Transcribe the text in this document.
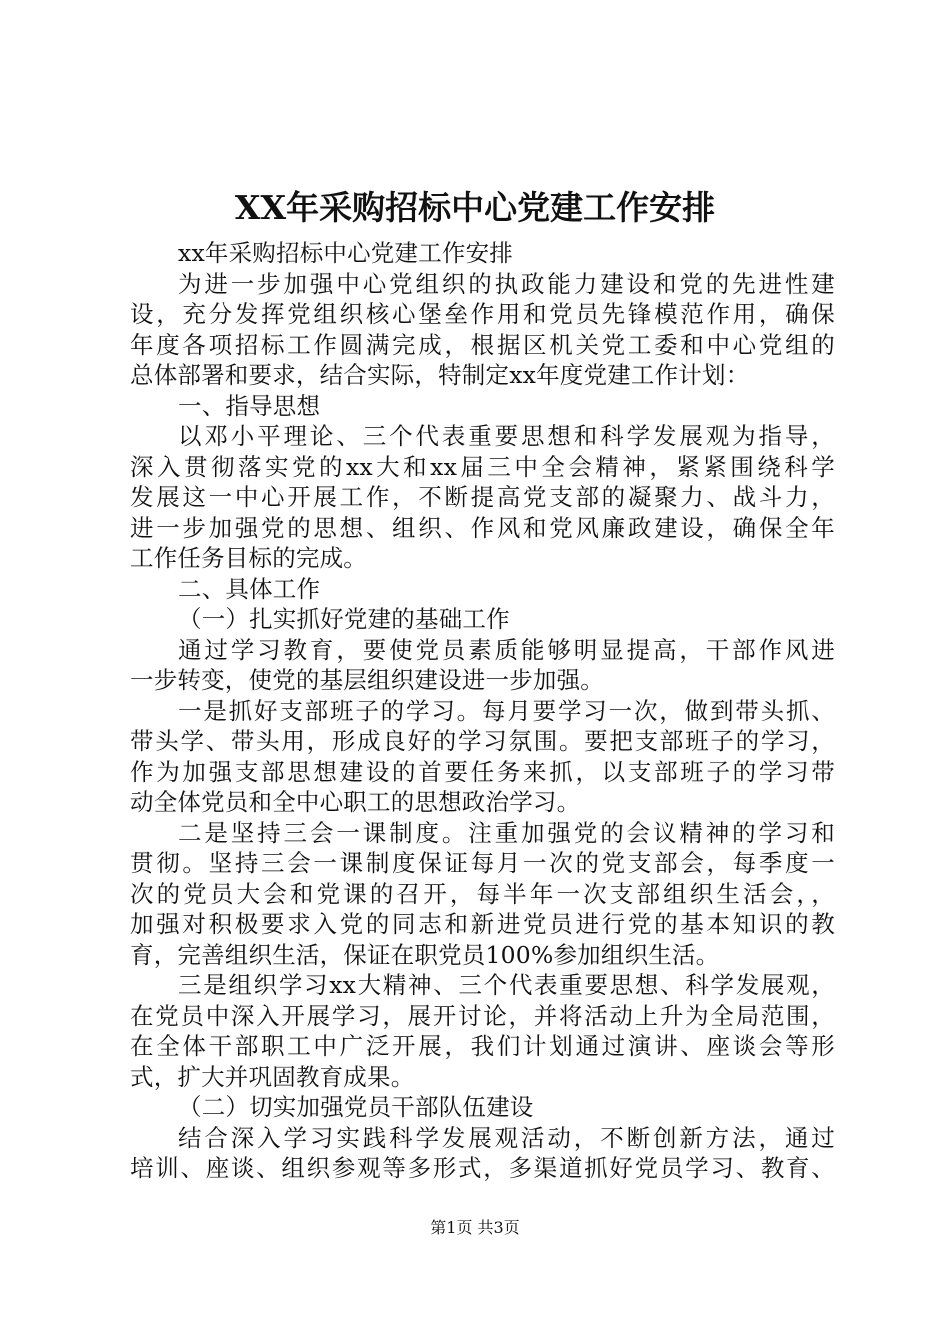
XX年采购招标中心党建工作安排
xx年采购招标中心党建工作安排
为进一步加强中心党组织的执政能力建设和党的先进性建
设，充分发挥党组织核心堡垒作用和党员先锋模范作用，确保
年度各项招标工作圆满完成，根据区机关党工委和中心党组的
总体部署和要求，结合实际，特制定xx年度党建工作计划：
一、指导思想
以邓小平理论、三个代表重要思想和科学发展观为指导，
深入贯彻落实党的xx大和xx届三中全会精神，紧紧围绕科学
发展这一中心开展工作，不断提高党支部的凝聚力、战斗力，
进一步加强党的思想、组织、作风和党风廉政建设，确保全年
工作任务目标的完成。
二、具体工作
（一）扎实抓好党建的基础工作
通过学习教育，要使党员素质能够明显提高，干部作风进
一步转变，使党的基层组织建设进一步加强。
一是抓好支部班子的学习。每月要学习一次，做到带头抓、
带头学、带头用，形成良好的学习氛围。要把支部班子的学习，
作为加强支部思想建设的首要任务来抓，以支部班子的学习带
动全体党员和全中心职工的思想政治学习。
二是坚持三会一课制度。注重加强党的会议精神的学习和
贯彻。坚持三会一课制度保证每月一次的党支部会，每季度一
次的党员大会和党课的召开，每半年一次支部组织生活会，，
加强对积极要求入党的同志和新进党员进行党的基本知识的教
育，完善组织生活，保证在职党员100%参加组织生活。
三是组织学习xx大精神、三个代表重要思想、科学发展观，
在党员中深入开展学习，展开讨论，并将活动上升为全局范围，
在全体干部职工中广泛开展，我们计划通过演讲、座谈会等形
式，扩大并巩固教育成果。
（二）切实加强党员干部队伍建设
结合深入学习实践科学发展观活动，不断创新方法，通过
培训、座谈、组织参观等多形式，多渠道抓好党员学习、教育、
第1页 共3页
